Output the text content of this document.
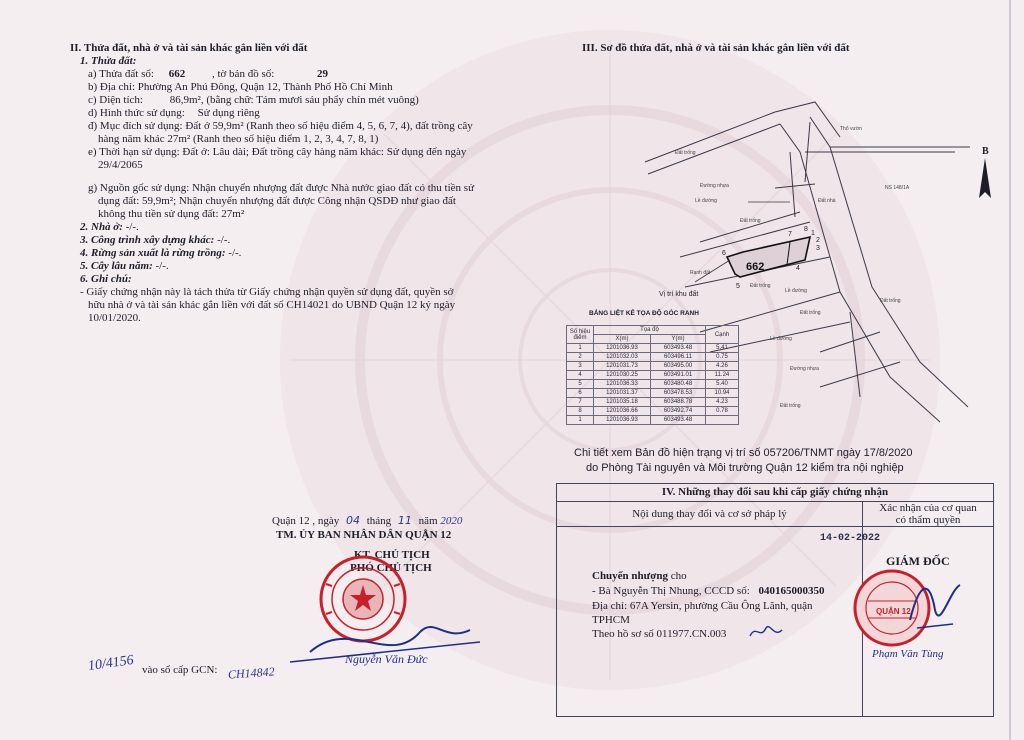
II. Thửa đất, nhà ở và tài sản khác gắn liền với đất
1. Thửa đất:
a) Thửa đất số: 662 , tờ bản đồ số:	29
b) Địa chỉ: Phường An Phú Đông, Quận 12, Thành Phố Hồ Chí Minh
c) Diện tích: 86,9m², (bằng chữ: Tám mươi sáu phẩy chín mét vuông)
d) Hình thức sử dụng: Sử dụng riêng
đ) Mục đích sử dụng: Đất ở 59,9m² (Ranh theo số hiệu điểm 4, 5, 6, 7, 4), đất trồng cây
hàng năm khác 27m² (Ranh theo số hiệu điểm 1, 2, 3, 4, 7, 8, 1)
e) Thời hạn sử dụng: Đất ở: Lâu dài; Đất trồng cây hàng năm khác: Sử dụng đến ngày
29/4/2065
g) Nguồn gốc sử dụng: Nhận chuyển nhượng đất được Nhà nước giao đất có thu tiền sử
dụng đất: 59,9m²; Nhận chuyển nhượng đất được Công nhận QSDĐ như giao đất
không thu tiền sử dụng đất: 27m²
2. Nhà ở: -/-.
3. Công trình xây dựng khác: -/-.
4. Rừng sản xuất là rừng trồng: -/-.
5. Cây lâu năm: -/-.
6. Ghi chú:
- Giấy chứng nhận này là tách thửa từ Giấy chứng nhận quyền sử dụng đất, quyền sở
hữu nhà ở và tài sản khác gắn liền với đất số CH14021 do UBND Quận 12 ký ngày
10/01/2020.
Quận 12 , ngày 04 tháng 11 năm 2020
TM. ỦY BAN NHÂN DÂN QUẬN 12
KT. CHỦ TỊCH
PHÓ CHỦ TỊCH
Nguyễn Văn Đức
10/4156 vào sổ cấp GCN: CH14842
III. Sơ đồ thửa đất, nhà ở và tài sản khác gắn liền với đất
B
662
1
2
3
4
5
6
7
8
Đất trống
Đất trống
Đất trống
Đất trống
Đất trống
Đất trống
Lề đường
Lề đường
Lề đường
Đường nhựa
Đường nhựa
Thổ vườn
Đất nhà
Rạnh đất
NS 148/1A
Vị trí khu đất
BẢNG LIỆT KÊ TỌA ĐỘ GÓC RANH
Số hiệu điểm	Tọa độ		Cạnh
	X(m)	Y(m)	
1	1201036.93	603493.48	5.41
2	1201032.03	603496.11	0.75
3	1201031.73	603495.00	4.26
4	1201030.25	603491.01	11.24
5	1201036.33	603480.48	5.40
6	1201031.37	603478.53	10.94
7	1201035.18	603488.78	4.23
8	1201036.66	603492.74	0.78
1	1201036.93	603493.48	
Chi tiết xem Bản đồ hiện trạng vị trí số 057206/TNMT ngày 17/8/2020
do Phòng Tài nguyên và Môi trường Quận 12 kiểm tra nội nghiệp
IV. Những thay đổi sau khi cấp giấy chứng nhận
Nội dung thay đổi và cơ sở pháp lý	Xác nhận của cơ quan
có thẩm quyền
14-02-2022
Chuyển nhượng cho
- Bà Nguyễn Thị Nhung, CCCD số: 040165000350
Địa chỉ: 67A Yersin, phường Cầu Ông Lãnh, quận
TPHCM
Theo hồ sơ số 011977.CN.003
GIÁM ĐỐC
QUẬN 12
Phạm Văn Tùng
